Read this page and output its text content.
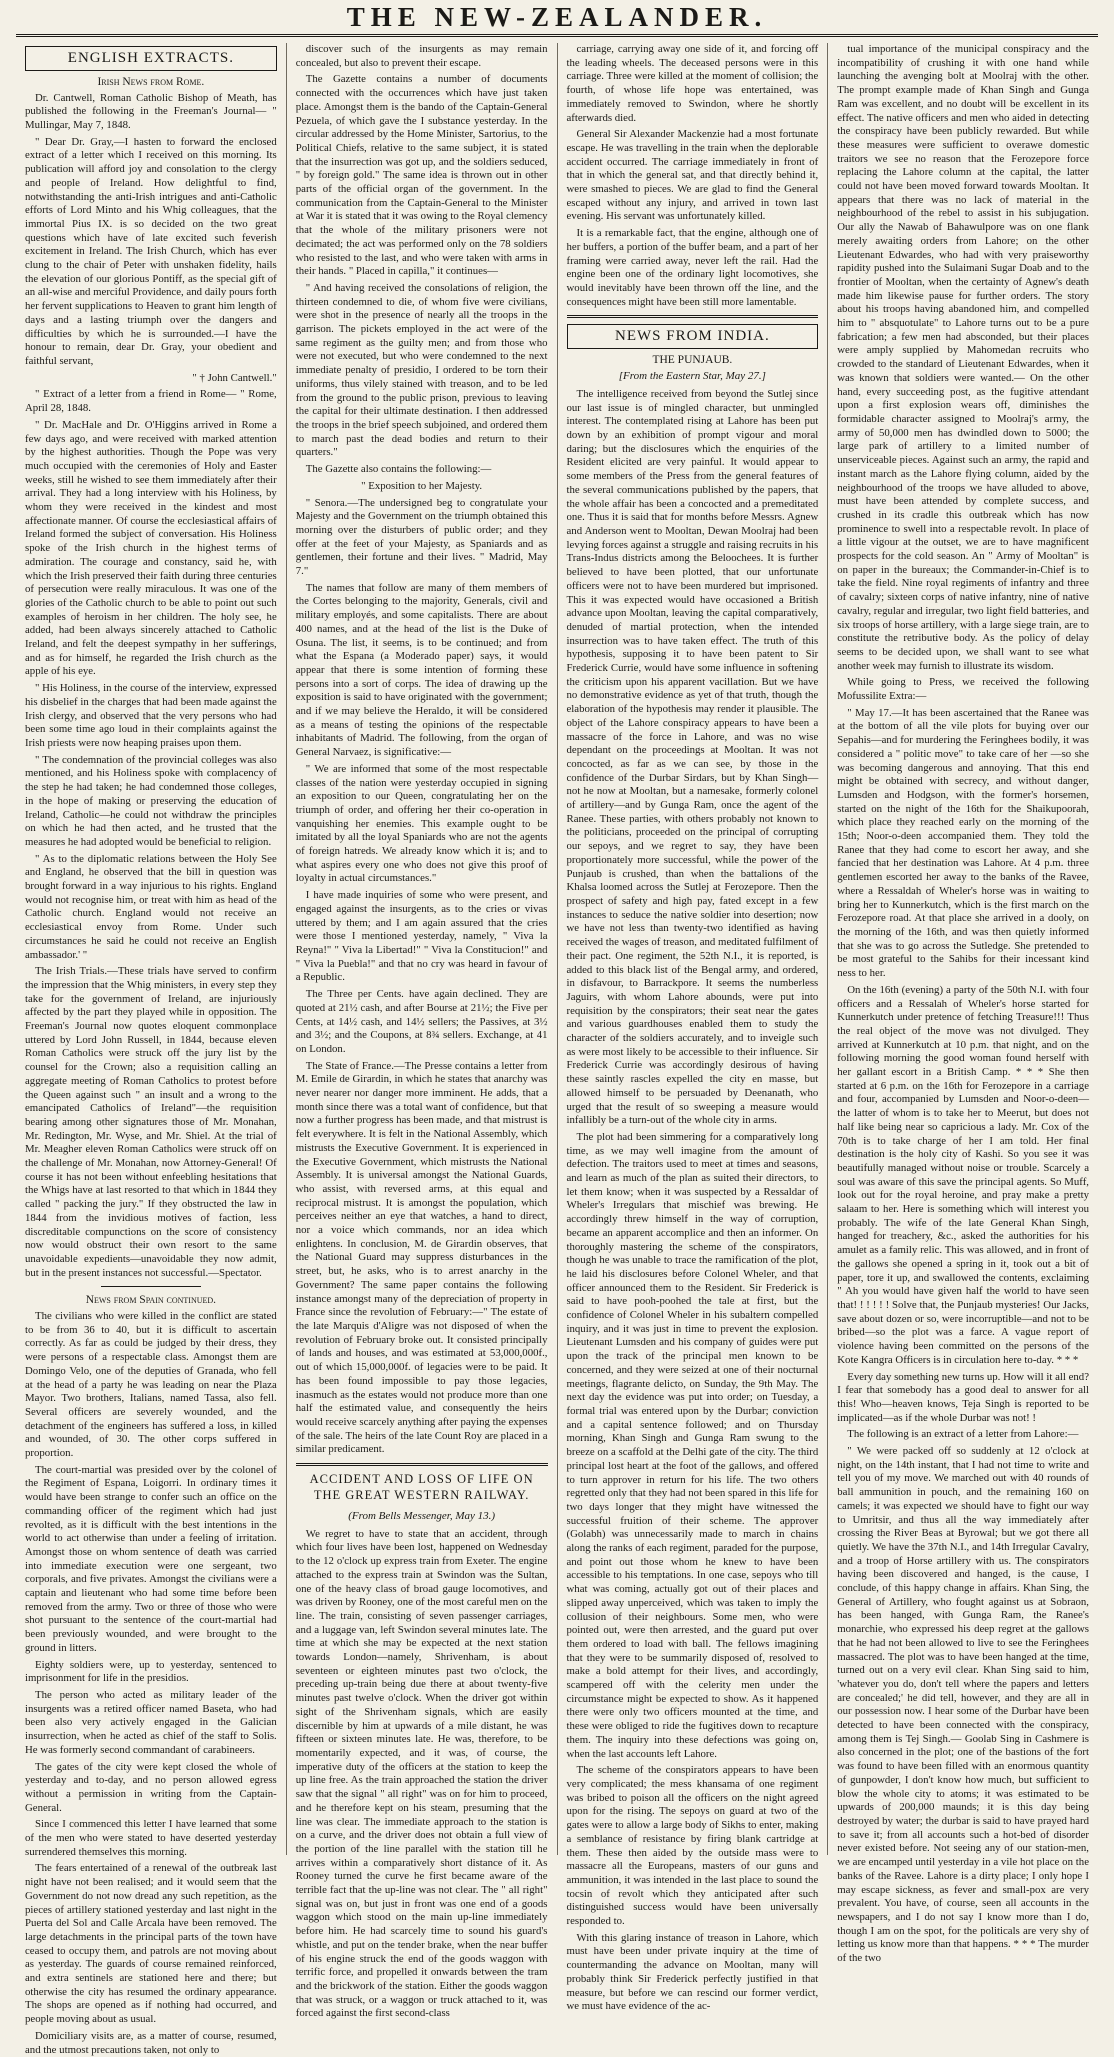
THE NEW-ZEALANDER.
ENGLISH EXTRACTS.
Irish News from Rome.

Dr. Cantwell, Roman Catholic Bishop of Meath, has published the following in the Freeman's Journal— " Mullingar, May 7, 1848.

" Dear Dr. Gray,—I hasten to forward the enclosed extract of a letter which I received on this morning. Its publication will afford joy and consolation to the clergy and people of Ireland. How delightful to find, notwithstanding the anti-Irish intrigues and anti-Catholic efforts of Lord Minto and his Whig colleagues, that the immortal Pius IX. is so decided on the two great questions which have of late excited such feverish excitement in Ireland. The Irish Church, which has ever clung to the chair of Peter with unshaken fidelity, hails the elevation of our glorious Pontiff, as the special gift of an all-wise and merciful Providence, and daily pours forth her fervent supplications to Heaven to grant him length of days and a lasting triumph over the dangers and difficulties by which he is surrounded.—I have the honour to remain, dear Dr. Gray, your obedient and faithful servant,

" † John Cantwell."

" Extract of a letter from a friend in Rome— " Rome, April 28, 1848.

" Dr. MacHale and Dr. O'Higgins arrived in Rome a few days ago, and were received with marked attention by the highest authorities. Though the Pope was very much occupied with the ceremonies of Holy and Easter weeks, still he wished to see them immediately after their arrival. They had a long interview with his Holiness, by whom they were received in the kindest and most affectionate manner. Of course the ecclesiastical affairs of Ireland formed the subject of conversation. His Holiness spoke of the Irish church in the highest terms of admiration. The courage and constancy, said he, with which the Irish preserved their faith during three centuries of persecution were really miraculous. It was one of the glories of the Catholic church to be able to point out such examples of heroism in her children. The holy see, he added, had been always sincerely attached to Catholic Ireland, and felt the deepest sympathy in her sufferings, and as for himself, he regarded the Irish church as the apple of his eye.

" His Holiness, in the course of the interview, expressed his disbelief in the charges that had been made against the Irish clergy, and observed that the very persons who had been some time ago loud in their complaints against the Irish priests were now heaping praises upon them.

" The condemnation of the provincial colleges was also mentioned, and his Holiness spoke with complacency of the step he had taken; he had condemned those colleges, in the hope of making or preserving the education of Ireland, Catholic—he could not withdraw the principles on which he had then acted, and he trusted that the measures he had adopted would be beneficial to religion.

" As to the diplomatic relations between the Holy See and England, he observed that the bill in question was brought forward in a way injurious to his rights. England would not recognise him, or treat with him as head of the Catholic church. England would not receive an ecclesiastical envoy from Rome. Under such circumstances he said he could not receive an English ambassador.' "

The Irish Trials.—These trials have served to confirm the impression that the Whig ministers, in every step they take for the government of Ireland, are injuriously affected by the part they played while in opposition. The Freeman's Journal now quotes eloquent commonplace uttered by Lord John Russell, in 1844, because eleven Roman Catholics were struck off the jury list by the counsel for the Crown; also a requisition calling an aggregate meeting of Roman Catholics to protest before the Queen against such " an insult and a wrong to the emancipated Catholics of Ireland"—the requisition bearing among other signatures those of Mr. Monahan, Mr. Redington, Mr. Wyse, and Mr. Shiel. At the trial of Mr. Meagher eleven Roman Catholics were struck off on the challenge of Mr. Monahan, now Attorney-General! Of course it has not been without enfeebling hesitations that the Whigs have at last resorted to that which in 1844 they called " packing the jury." If they obstructed the law in 1844 from the invidious motives of faction, less discreditable compunctions on the score of consistency now would obstruct their own resort to the same unavoidable expedients—unavoidable they now admit, but in the present instances not successful.—Spectator.

News from Spain continued.

The civilians who were killed in the conflict are stated to be from 36 to 40, but it is difficult to ascertain correctly. As far as could be judged by their dress, they were persons of a respectable class. Amongst them are Domingo Velo, one of the deputies of Granada, who fell at the head of a party he was leading on near the Plaza Mayor. Two brothers, Italians, named Tassa, also fell. Several officers are severely wounded, and the detachment of the engineers has suffered a loss, in killed and wounded, of 30. The other corps suffered in proportion.

The court-martial was presided over by the colonel of the Regiment of Espana, Loigorri. In ordinary times it would have been strange to confer such an office on the commanding officer of the regiment which had just revolted, as it is difficult with the best intentions in the world to act otherwise than under a feeling of irritation. Amongst those on whom sentence of death was carried into immediate execution were one sergeant, two corporals, and five privates. Amongst the civilians were a captain and lieutenant who had some time before been removed from the army. Two or three of those who were shot pursuant to the sentence of the court-martial had been previously wounded, and were brought to the ground in litters.

Eighty soldiers were, up to yesterday, sentenced to imprisonment for life in the presidios.

The person who acted as military leader of the insurgents was a retired officer named Baseta, who had been also very actively engaged in the Galician insurrection, when he acted as chief of the staff to Solis. He was formerly second commandant of carabineers.

The gates of the city were kept closed the whole of yesterday and to-day, and no person allowed egress without a permission in writing from the Captain-General.

Since I commenced this letter I have learned that some of the men who were stated to have deserted yesterday surrendered themselves this morning.

The fears entertained of a renewal of the outbreak last night have not been realised; and it would seem that the Government do not now dread any such repetition, as the pieces of artillery stationed yesterday and last night in the Puerta del Sol and Calle Arcala have been removed. The large detachments in the principal parts of the town have ceased to occupy them, and patrols are not moving about as yesterday. The guards of course remained reinforced, and extra sentinels are stationed here and there; but otherwise the city has resumed the ordinary appearance. The shops are opened as if nothing had occurred, and people moving about as usual.

Domiciliary visits are, as a matter of course, resumed, and the utmost precautions taken, not only to

discover such of the insurgents as may remain concealed, but also to prevent their escape.

The Gazette contains a number of documents connected with the occurrences which have just taken place. Amongst them is the bando of the Captain-General Pezuela, of which gave the I substance yesterday. In the circular addressed by the Home Minister, Sartorius, to the Political Chiefs, relative to the same subject, it is stated that the insurrection was got up, and the soldiers seduced, " by foreign gold." The same idea is thrown out in other parts of the official organ of the government. In the communication from the Captain-General to the Minister at War it is stated that it was owing to the Royal clemency that the whole of the military prisoners were not decimated; the act was performed only on the 78 soldiers who resisted to the last, and who were taken with arms in their hands. " Placed in capilla," it continues—

" And having received the consolations of religion, the thirteen condemned to die, of whom five were civilians, were shot in the presence of nearly all the troops in the garrison. The pickets employed in the act were of the same regiment as the guilty men; and from those who were not executed, but who were condemned to the next immediate penalty of presidio, I ordered to be torn their uniforms, thus vilely stained with treason, and to be led from the ground to the public prison, previous to leaving the capital for their ultimate destination. I then addressed the troops in the brief speech subjoined, and ordered them to march past the dead bodies and return to their quarters."

The Gazette also contains the following:—

" Exposition to her Majesty.

" Senora.—The undersigned beg to congratulate your Majesty and the Government on the triumph obtained this morning over the disturbers of public order; and they offer at the feet of your Majesty, as Spaniards and as gentlemen, their fortune and their lives. " Madrid, May 7."

The names that follow are many of them members of the Cortes belonging to the majority, Generals, civil and military employés, and some capitalists. There are about 400 names, and at the head of the list is the Duke of Osuna. The list, it seems, is to be continued; and from what the Espana (a Moderado paper) says, it would appear that there is some intention of forming these persons into a sort of corps. The idea of drawing up the exposition is said to have originated with the government; and if we may believe the Heraldo, it will be considered as a means of testing the opinions of the respectable inhabitants of Madrid. The following, from the organ of General Narvaez, is significative:—

" We are informed that some of the most respectable classes of the nation were yesterday occupied in signing an exposition to our Queen, congratulating her on the triumph of order, and offering her their co-operation in vanquishing her enemies. This example ought to be imitated by all the loyal Spaniards who are not the agents of foreign hatreds. We already know which it is; and to what aspires every one who does not give this proof of loyalty in actual circumstances."

I have made inquiries of some who were present, and engaged against the insurgents, as to the cries or vivas uttered by them; and I am again assured that the cries were those I mentioned yesterday, namely, " Viva la Reyna!" " Viva la Libertad!" " Viva la Constitucion!" and " Viva la Puebla!" and that no cry was heard in favour of a Republic.

The Three per Cents. have again declined. They are quoted at 21½ cash, and after Bourse at 21½; the Five per Cents, at 14½ cash, and 14½ sellers; the Passives, at 3½ and 3½; and the Coupons, at 8¾ sellers. Exchange, at 41 on London.

The State of France.—The Presse contains a letter from M. Emile de Girardin, in which he states that anarchy was never nearer nor danger more imminent. He adds, that a month since there was a total want of confidence, but that now a further progress has been made, and that mistrust is felt everywhere. It is felt in the National Assembly, which mistrusts the Executive Government. It is experienced in the Executive Government, which mistrusts the National Assembly. It is universal amongst the National Guards, who assist, with reversed arms, at this equal and reciprocal mistrust. It is amongst the population, which perceives neither an eye that watches, a hand to direct, nor a voice which commands, nor an idea which enlightens. In conclusion, M. de Girardin observes, that the National Guard may suppress disturbances in the street, but, he asks, who is to arrest anarchy in the Government? The same paper contains the following instance amongst many of the depreciation of property in France since the revolution of February:—" The estate of the late Marquis d'Aligre was not disposed of when the revolution of February broke out. It consisted principally of lands and houses, and was estimated at 53,000,000f., out of which 15,000,000f. of legacies were to be paid. It has been found impossible to pay those legacies, inasmuch as the estates would not produce more than one half the estimated value, and consequently the heirs would receive scarcely anything after paying the expenses of the sale. The heirs of the late Count Roy are placed in a similar predicament.

ACCIDENT AND LOSS OF LIFE ON THE GREAT WESTERN RAILWAY.
(From Bells Messenger, May 13.)

We regret to have to state that an accident, through which four lives have been lost, happened on Wednesday to the 12 o'clock up express train from Exeter. The engine attached to the express train at Swindon was the Sultan, one of the heavy class of broad gauge locomotives, and was driven by Rooney, one of the most careful men on the line. The train, consisting of seven passenger carriages, and a luggage van, left Swindon several minutes late. The time at which she may be expected at the next station towards London—namely, Shrivenham, is about seventeen or eighteen minutes past two o'clock, the preceding up-train being due there at about twenty-five minutes past twelve o'clock. When the driver got within sight of the Shrivenham signals, which are easily discernible by him at upwards of a mile distant, he was fifteen or sixteen minutes late. He was, therefore, to be momentarily expected, and it was, of course, the imperative duty of the officers at the station to keep the up line free. As the train approached the station the driver saw that the signal " all right" was on for him to proceed, and he therefore kept on his steam, presuming that the line was clear. The immediate approach to the station is on a curve, and the driver does not obtain a full view of the portion of the line parallel with the station till he arrives within a comparatively short distance of it. As Rooney turned the curve he first became aware of the terrible fact that the up-line was not clear. The " all right" signal was on, but just in front was one end of a goods waggon which stood on the main up-line immediately before him. He had scarcely time to sound his guard's whistle, and put on the tender brake, when the near buffer of his engine struck the end of the goods waggon with terrific force, and propelled it onwards between the tram and the brickwork of the station. Either the goods waggon that was struck, or a waggon or truck attached to it, was forced against the first second-class

carriage, carrying away one side of it, and forcing off the leading wheels. The deceased persons were in this carriage. Three were killed at the moment of collision; the fourth, of whose life hope was entertained, was immediately removed to Swindon, where he shortly afterwards died.

General Sir Alexander Mackenzie had a most fortunate escape. He was travelling in the train when the deplorable accident occurred. The carriage immediately in front of that in which the general sat, and that directly behind it, were smashed to pieces. We are glad to find the General escaped without any injury, and arrived in town last evening. His servant was unfortunately killed.

It is a remarkable fact, that the engine, although one of her buffers, a portion of the buffer beam, and a part of her framing were carried away, never left the rail. Had the engine been one of the ordinary light locomotives, she would inevitably have been thrown off the line, and the consequences might have been still more lamentable.

NEWS FROM INDIA.
THE PUNJAUB.
[From the Eastern Star, May 27.]

The intelligence received from beyond the Sutlej since our last issue is of mingled character, but unmingled interest. The contemplated rising at Lahore has been put down by an exhibition of prompt vigour and moral daring; but the disclosures which the enquiries of the Resident elicited are very painful. It would appear to some members of the Press from the general features of the several communications published by the papers, that the whole affair has been a concocted and a premeditated one. Thus it is said that for months before Messrs. Agnew and Anderson went to Mooltan, Dewan Moolraj had been levying forces against a struggle and raising recruits in his Trans-Indus districts among the Beloochees. It is further believed to have been plotted, that our unfortunate officers were not to have been murdered but imprisoned. This it was expected would have occasioned a British advance upon Mooltan, leaving the capital comparatively, denuded of martial protection, when the intended insurrection was to have taken effect. The truth of this hypothesis, supposing it to have been patent to Sir Frederick Currie, would have some influence in softening the criticism upon his apparent vacillation. But we have no demonstrative evidence as yet of that truth, though the elaboration of the hypothesis may render it plausible. The object of the Lahore conspiracy appears to have been a massacre of the force in Lahore, and was no wise dependant on the proceedings at Mooltan. It was not concocted, as far as we can see, by those in the confidence of the Durbar Sirdars, but by Khan Singh—not he now at Mooltan, but a namesake, formerly colonel of artillery—and by Gunga Ram, once the agent of the Ranee. These parties, with others probably not known to the politicians, proceeded on the principal of corrupting our sepoys, and we regret to say, they have been proportionately more successful, while the power of the Punjaub is crushed, than when the battalions of the Khalsa loomed across the Sutlej at Ferozepore. Then the prospect of safety and high pay, fated except in a few instances to seduce the native soldier into desertion; now we have not less than twenty-two identified as having received the wages of treason, and meditated fulfilment of their pact. One regiment, the 52th N.I., it is reported, is added to this black list of the Bengal army, and ordered, in disfavour, to Barrackpore. It seems the numberless Jaguirs, with whom Lahore abounds, were put into requisition by the conspirators; their seat near the gates and various guardhouses enabled them to study the character of the soldiers accurately, and to inveigle such as were most likely to be accessible to their influence. Sir Frederick Currie was accordingly desirous of having these saintly rascles expelled the city en masse, but allowed himself to be persuaded by Deenanath, who urged that the result of so sweeping a measure would infallibly be a turn-out of the whole city in arms.

The plot had been simmering for a comparatively long time, as we may well imagine from the amount of defection. The traitors used to meet at times and seasons, and learn as much of the plan as suited their directors, to let them know; when it was suspected by a Ressaldar of Wheler's Irregulars that mischief was brewing. He accordingly threw himself in the way of corruption, became an apparent accomplice and then an informer. On thoroughly mastering the scheme of the conspirators, though he was unable to trace the ramification of the plot, he laid his disclosures before Colonel Wheler, and that officer announced them to the Resident. Sir Frederick is said to have pooh-poohed the tale at first, but the confidence of Colonel Wheler in his subaltern compelled inquiry, and it was just in time to prevent the explosion. Lieutenant Lumsden and his company of guides were put upon the track of the principal men known to be concerned, and they were seized at one of their nocturnal meetings, flagrante delicto, on Sunday, the 9th May. The next day the evidence was put into order; on Tuesday, a formal trial was entered upon by the Durbar; conviction and a capital sentence followed; and on Thursday morning, Khan Singh and Gunga Ram swung to the breeze on a scaffold at the Delhi gate of the city. The third principal lost heart at the foot of the gallows, and offered to turn approver in return for his life. The two others regretted only that they had not been spared in this life for two days longer that they might have witnessed the successful fruition of their scheme. The approver (Golabh) was unnecessarily made to march in chains along the ranks of each regiment, paraded for the purpose, and point out those whom he knew to have been accessible to his temptations. In one case, sepoys who till what was coming, actually got out of their places and slipped away unperceived, which was taken to imply the collusion of their neighbours. Some men, who were pointed out, were then arrested, and the guard put over them ordered to load with ball. The fellows imagining that they were to be summarily disposed of, resolved to make a bold attempt for their lives, and accordingly, scampered off with the celerity men under the circumstance might be expected to show. As it happened there were only two officers mounted at the time, and these were obliged to ride the fugitives down to recapture them. The inquiry into these defections was going on, when the last accounts left Lahore.

The scheme of the conspirators appears to have been very complicated; the mess khansama of one regiment was bribed to poison all the officers on the night agreed upon for the rising. The sepoys on guard at two of the gates were to allow a large body of Sikhs to enter, making a semblance of resistance by firing blank cartridge at them. These then aided by the outside mass were to massacre all the Europeans, masters of our guns and ammunition, it was intended in the last place to sound the tocsin of revolt which they anticipated after such distinguished success would have been universally responded to.

With this glaring instance of treason in Lahore, which must have been under private inquiry at the time of countermanding the advance on Mooltan, many will probably think Sir Frederick perfectly justified in that measure, but before we can rescind our former verdict, we must have evidence of the ac-

tual importance of the municipal conspiracy and the incompatibility of crushing it with one hand while launching the avenging bolt at Moolraj with the other. The prompt example made of Khan Singh and Gunga Ram was excellent, and no doubt will be excellent in its effect. The native officers and men who aided in detecting the conspiracy have been publicly rewarded. But while these measures were sufficient to overawe domestic traitors we see no reason that the Ferozepore force replacing the Lahore column at the capital, the latter could not have been moved forward towards Mooltan. It appears that there was no lack of material in the neighbourhood of the rebel to assist in his subjugation. Our ally the Nawab of Bahawulpore was on one flank merely awaiting orders from Lahore; on the other Lieutenant Edwardes, who had with very praiseworthy rapidity pushed into the Sulaimani Sugar Doab and to the frontier of Mooltan, when the certainty of Agnew's death made him likewise pause for further orders. The story about his troops having abandoned him, and compelled him to " absquotulate" to Lahore turns out to be a pure fabrication; a few men had absconded, but their places were amply supplied by Mahomedan recruits who crowded to the standard of Lieutenant Edwardes, when it was known that soldiers were wanted.— On the other hand, every succeeding post, as the fugitive attendant upon a first explosion wears off, diminishes the formidable character assigned to Moolraj's army, the army of 50,000 men has dwindled down to 5000; the large park of artillery to a limited number of unserviceable pieces. Against such an army, the rapid and instant march as the Lahore flying column, aided by the neighbourhood of the troops we have alluded to above, must have been attended by complete success, and crushed in its cradle this outbreak which has now prominence to swell into a respectable revolt. In place of a little vigour at the outset, we are to have magnificent prospects for the cold season. An " Army of Mooltan" is on paper in the bureaux; the Commander-in-Chief is to take the field. Nine royal regiments of infantry and three of cavalry; sixteen corps of native infantry, nine of native cavalry, regular and irregular, two light field batteries, and six troops of horse artillery, with a large siege train, are to constitute the retributive body. As the policy of delay seems to be decided upon, we shall want to see what another week may furnish to illustrate its wisdom.

While going to Press, we received the following Mofussilite Extra:—

" May 17.—It has been ascertained that the Ranee was at the bottom of all the vile plots for buying over our Sepahis—and for murdering the Feringhees bodily, it was considered a " politic move" to take care of her —so she was becoming dangerous and annoying. That this end might be obtained with secrecy, and without danger, Lumsden and Hodgson, with the former's horsemen, started on the night of the 16th for the Shaikupoorah, which place they reached early on the morning of the 15th; Noor-o-deen accompanied them. They told the Ranee that they had come to escort her away, and she fancied that her destination was Lahore. At 4 p.m. three gentlemen escorted her away to the banks of the Ravee, where a Ressaldah of Wheler's horse was in waiting to bring her to Kunnerkutch, which is the first march on the Ferozepore road. At that place she arrived in a dooly, on the morning of the 16th, and was then quietly informed that she was to go across the Sutledge. She pretended to be most grateful to the Sahibs for their incessant kind ness to her.

On the 16th (evening) a party of the 50th N.I. with four officers and a Ressalah of Wheler's horse started for Kunnerkutch under pretence of fetching Treasure!!! Thus the real object of the move was not divulged. They arrived at Kunnerkutch at 10 p.m. that night, and on the following morning the good woman found herself with her gallant escort in a British Camp. * * * She then started at 6 p.m. on the 16th for Ferozepore in a carriage and four, accompanied by Lumsden and Noor-o-deen—the latter of whom is to take her to Meerut, but does not half like being near so capricious a lady. Mr. Cox of the 70th is to take charge of her I am told. Her final destination is the holy city of Kashi. So you see it was beautifully managed without noise or trouble. Scarcely a soul was aware of this save the principal agents. So Muff, look out for the royal heroine, and pray make a pretty salaam to her. Here is something which will interest you probably. The wife of the late General Khan Singh, hanged for treachery, &c., asked the authorities for his amulet as a family relic. This was allowed, and in front of the gallows she opened a spring in it, took out a bit of paper, tore it up, and swallowed the contents, exclaiming " Ah you would have given half the world to have seen that! ! ! ! ! ! Solve that, the Punjaub mysteries! Our Jacks, save about dozen or so, were incorruptible—and not to be bribed—so the plot was a farce. A vague report of violence having been committed on the persons of the Kote Kangra Officers is in circulation here to-day. * * *

Every day something new turns up. How will it all end? I fear that somebody has a good deal to answer for all this! Who—heaven knows, Teja Singh is reported to be implicated—as if the whole Durbar was not! !

The following is an extract of a letter from Lahore:—

" We were packed off so suddenly at 12 o'clock at night, on the 14th instant, that I had not time to write and tell you of my move. We marched out with 40 rounds of ball ammunition in pouch, and the remaining 160 on camels; it was expected we should have to fight our way to Umritsir, and thus all the way immediately after crossing the River Beas at Byrowal; but we got there all quietly. We have the 37th N.I., and 14th Irregular Cavalry, and a troop of Horse artillery with us. The conspirators having been discovered and hanged, is the cause, I conclude, of this happy change in affairs. Khan Sing, the General of Artillery, who fought against us at Sobraon, has been hanged, with Gunga Ram, the Ranee's monarchie, who expressed his deep regret at the gallows that he had not been allowed to live to see the Feringhees massacred. The plot was to have been hanged at the time, turned out on a very evil clear. Khan Sing said to him, 'whatever you do, don't tell where the papers and letters are concealed;' he did tell, however, and they are all in our possession now. I hear some of the Durbar have been detected to have been connected with the conspiracy, among them is Tej Singh.— Goolab Sing in Cashmere is also concerned in the plot; one of the bastions of the fort was found to have been filled with an enormous quantity of gunpowder, I don't know how much, but sufficient to blow the whole city to atoms; it was estimated to be upwards of 200,000 maunds; it is this day being destroyed by water; the durbar is said to have prayed hard to save it; from all accounts such a hot-bed of disorder never existed before. Not seeing any of our station-men, we are encamped until yesterday in a vile hot place on the banks of the Ravee. Lahore is a dirty place; I only hope I may escape sickness, as fever and small-pox are very prevalent. You have, of course, seen all accounts in the newspapers, and I do not say I know more than I do, though I am on the spot, for the politicals are very shy of letting us know more than that happens. * * * The murder of the two
